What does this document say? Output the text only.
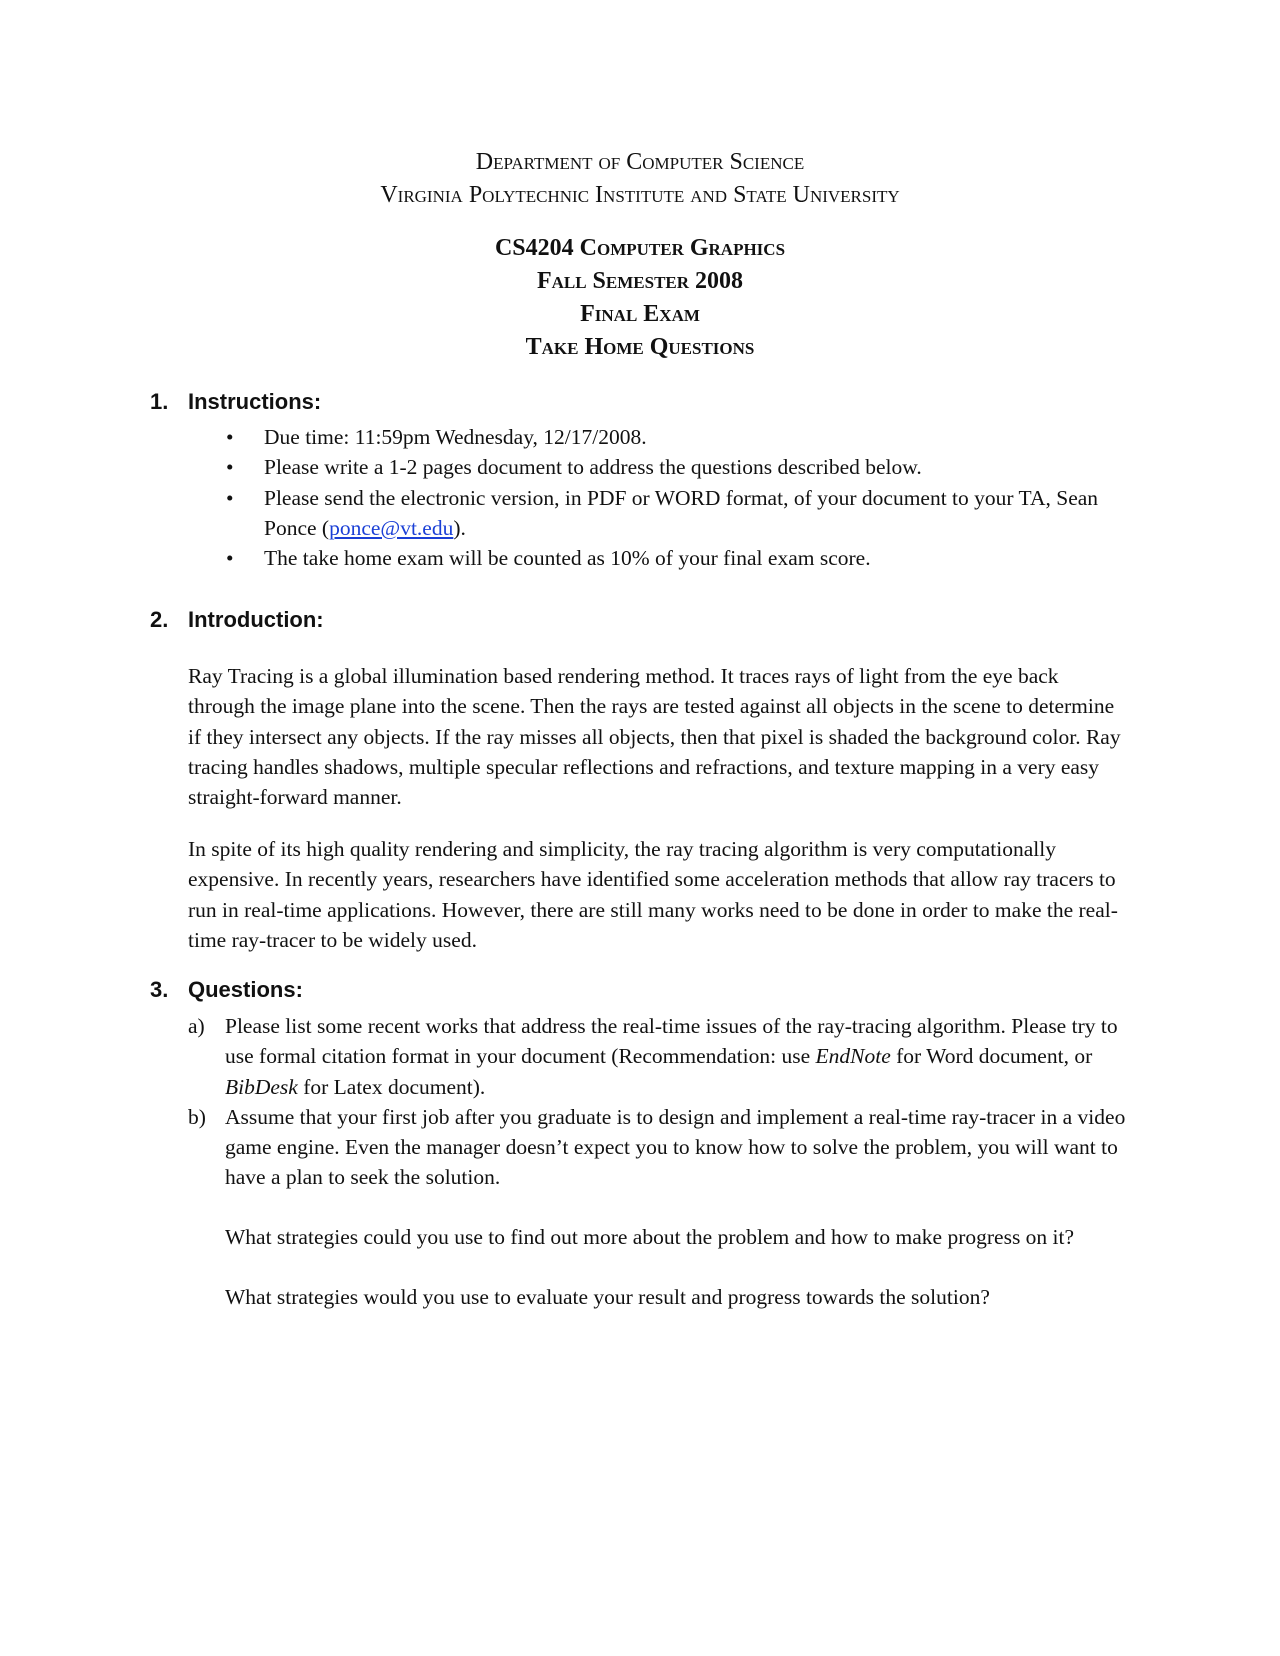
Department of Computer Science
Virginia Polytechnic Institute and State University
CS4204 Computer Graphics
Fall Semester 2008
Final Exam
Take Home Questions
1. Instructions:
• Due time: 11:59pm Wednesday, 12/17/2008.
• Please write a 1-2 pages document to address the questions described below.
• Please send the electronic version, in PDF or WORD format, of your document to your TA, Sean Ponce (ponce@vt.edu).
• The take home exam will be counted as 10% of your final exam score.
2. Introduction:

Ray Tracing is a global illumination based rendering method. It traces rays of light from the eye back through the image plane into the scene. Then the rays are tested against all objects in the scene to determine if they intersect any objects. If the ray misses all objects, then that pixel is shaded the background color. Ray tracing handles shadows, multiple specular reflections and refractions, and texture mapping in a very easy straight-forward manner.

In spite of its high quality rendering and simplicity, the ray tracing algorithm is very computationally expensive. In recently years, researchers have identified some acceleration methods that allow ray tracers to run in real-time applications. However, there are still many works need to be done in order to make the real-time ray-tracer to be widely used.

3. Questions:
a) Please list some recent works that address the real-time issues of the ray-tracing algorithm. Please try to use formal citation format in your document (Recommendation: use EndNote for Word document, or BibDesk for Latex document).
b) Assume that your first job after you graduate is to design and implement a real-time ray-tracer in a video game engine. Even the manager doesn’t expect you to know how to solve the problem, you will want to have a plan to seek the solution.

What strategies could you use to find out more about the problem and how to make progress on it?

What strategies would you use to evaluate your result and progress towards the solution?
